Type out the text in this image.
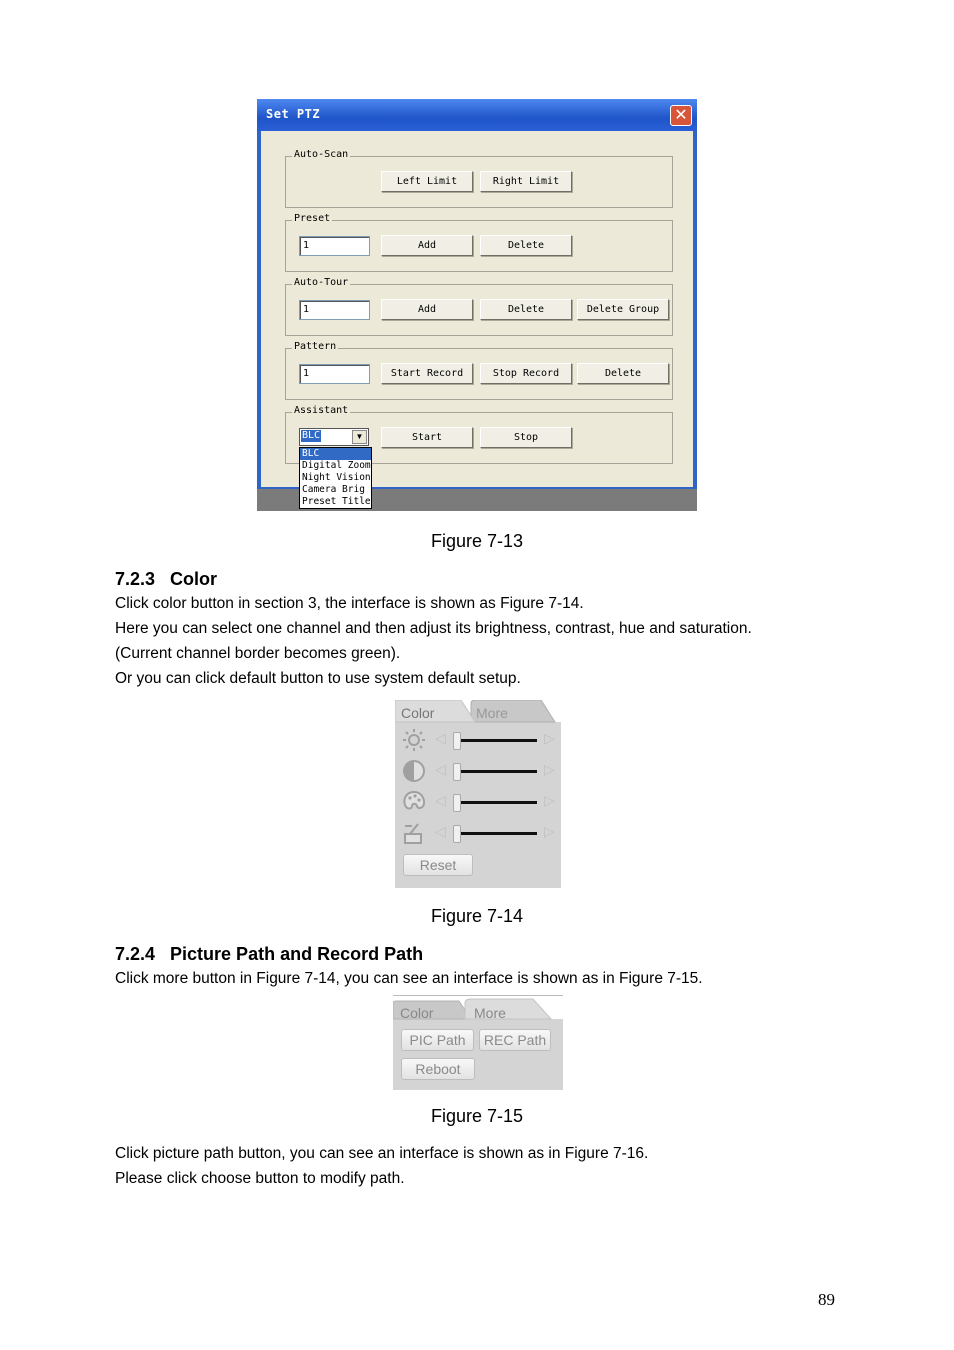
Set PTZ	✕
Auto-Scan
Left Limit	Right Limit
Preset
1	Add	Delete
Auto-Tour
1	Add	Delete	Delete Group
Pattern
1	Start Record	Stop Record	Delete
Assistant
BLC	▼	Start	Stop
BLC
Digital Zoom
Night Vision
Camera Brig
Preset Title
Figure 7-13
7.2.3   Color
Click color button in section 3, the interface is shown as Figure 7-14.
Here you can select one channel and then adjust its brightness, contrast, hue and saturation.
(Current channel border becomes green).
Or you can click default button to use system default setup.
Color	More
◁	▷
◁	▷
◁	▷
◁	▷
Reset
Figure 7-14
7.2.4   Picture Path and Record Path
Click more button in Figure 7-14, you can see an interface is shown as in Figure 7-15.
Color	More
PIC Path	REC Path
Reboot
Figure 7-15
Click picture path button, you can see an interface is shown as in Figure 7-16.
Please click choose button to modify path.
89
